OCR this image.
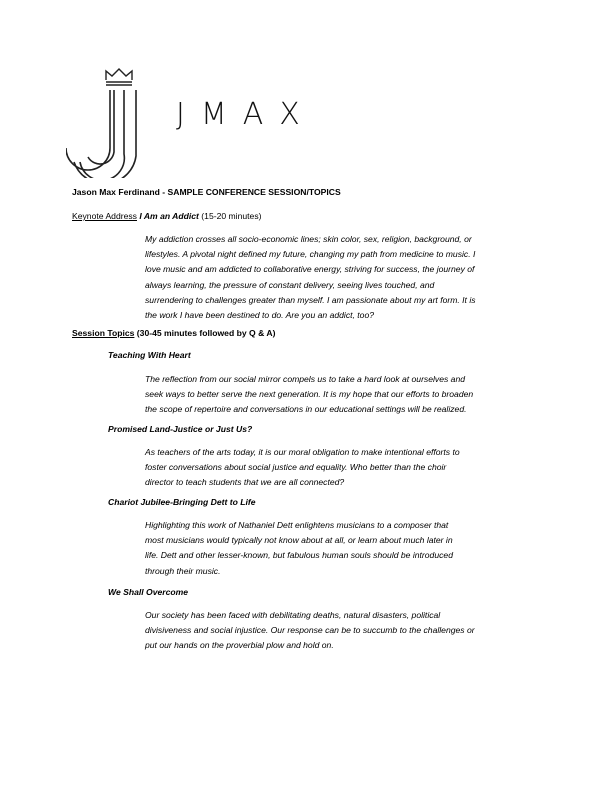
JMAX
Jason Max Ferdinand - SAMPLE CONFERENCE SESSION/TOPICS
Keynote Address I Am an Addict (15-20 minutes)
My addiction crosses all socio-economic lines; skin color, sex, religion, background, or
lifestyles. A pivotal night defined my future, changing my path from medicine to music. I
love music and am addicted to collaborative energy, striving for success, the journey of
always learning, the pressure of constant delivery, seeing lives touched, and
surrendering to challenges greater than myself. I am passionate about my art form. It is
the work I have been destined to do. Are you an addict, too?
Session Topics (30-45 minutes followed by Q & A)
Teaching With Heart
The reflection from our social mirror compels us to take a hard look at ourselves and
seek ways to better serve the next generation. It is my hope that our efforts to broaden
the scope of repertoire and conversations in our educational settings will be realized.
Promised Land-Justice or Just Us?
As teachers of the arts today, it is our moral obligation to make intentional efforts to
foster conversations about social justice and equality. Who better than the choir
director to teach students that we are all connected?
Chariot Jubilee-Bringing Dett to Life
Highlighting this work of Nathaniel Dett enlightens musicians to a composer that
most musicians would typically not know about at all, or learn about much later in
life. Dett and other lesser-known, but fabulous human souls should be introduced
through their music.
We Shall Overcome
Our society has been faced with debilitating deaths, natural disasters, political
divisiveness and social injustice. Our response can be to succumb to the challenges or
put our hands on the proverbial plow and hold on.
